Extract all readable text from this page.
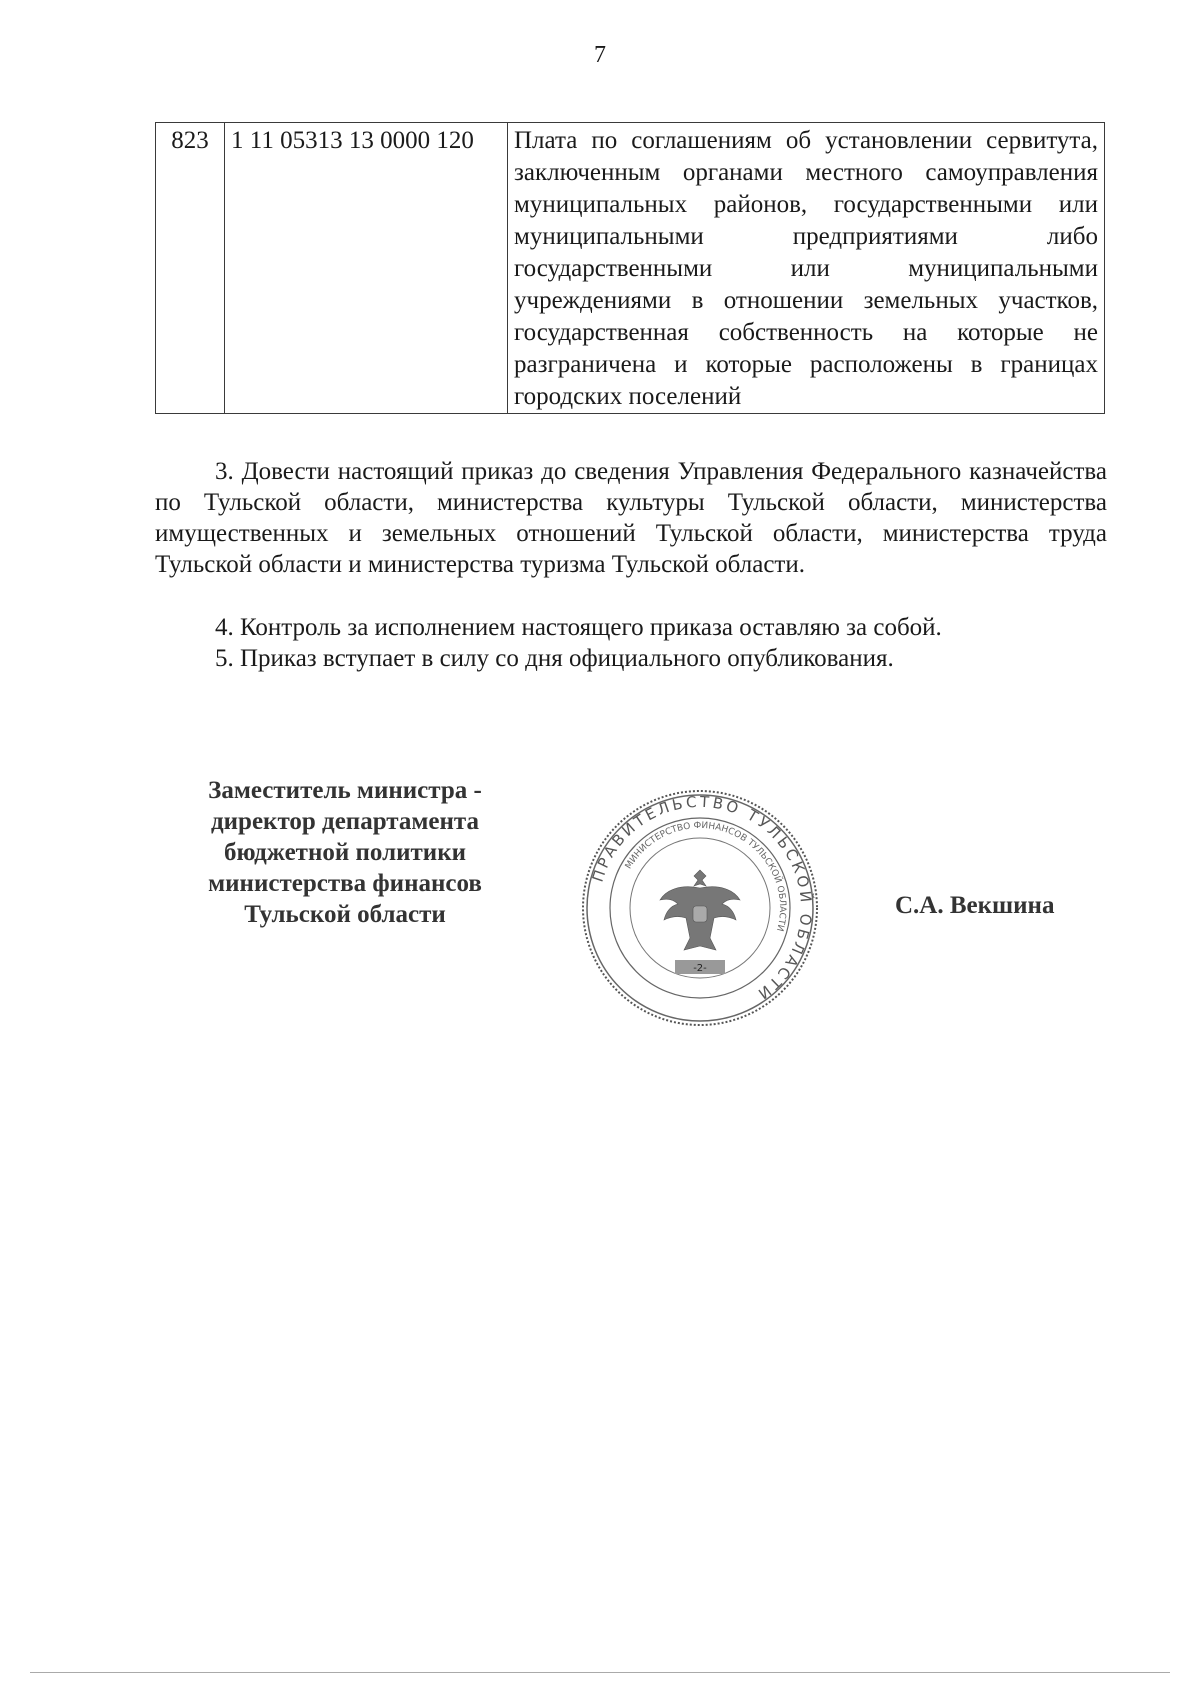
7
823	1 11 05313 13 0000 120	Плата по соглашениям об установлении сервитута, заключенным органами местного самоуправления муниципальных районов, государственными или муниципальными предприятиями либо государственными или муниципальными учреждениями в отношении земельных участков, государственная собственность на которые не разграничена и которые расположены в границах городских поселений
3. Довести настоящий приказ до сведения Управления Федерального казначейства по Тульской области, министерства культуры Тульской области, министерства имущественных и земельных отношений Тульской области, министерства труда Тульской области и министерства туризма Тульской области.
4. Контроль за исполнением настоящего приказа оставляю за собой.
5. Приказ вступает в силу со дня официального опубликования.
Заместитель министра -
директор департамента
бюджетной политики
министерства финансов
Тульской области
ПРАВИТЕЛЬСТВО ТУЛЬСКОЙ ОБЛАСТИ
МИНИСТЕРСТВО ФИНАНСОВ ТУЛЬСКОЙ ОБЛАСТИ
-2-
С.А. Векшина
